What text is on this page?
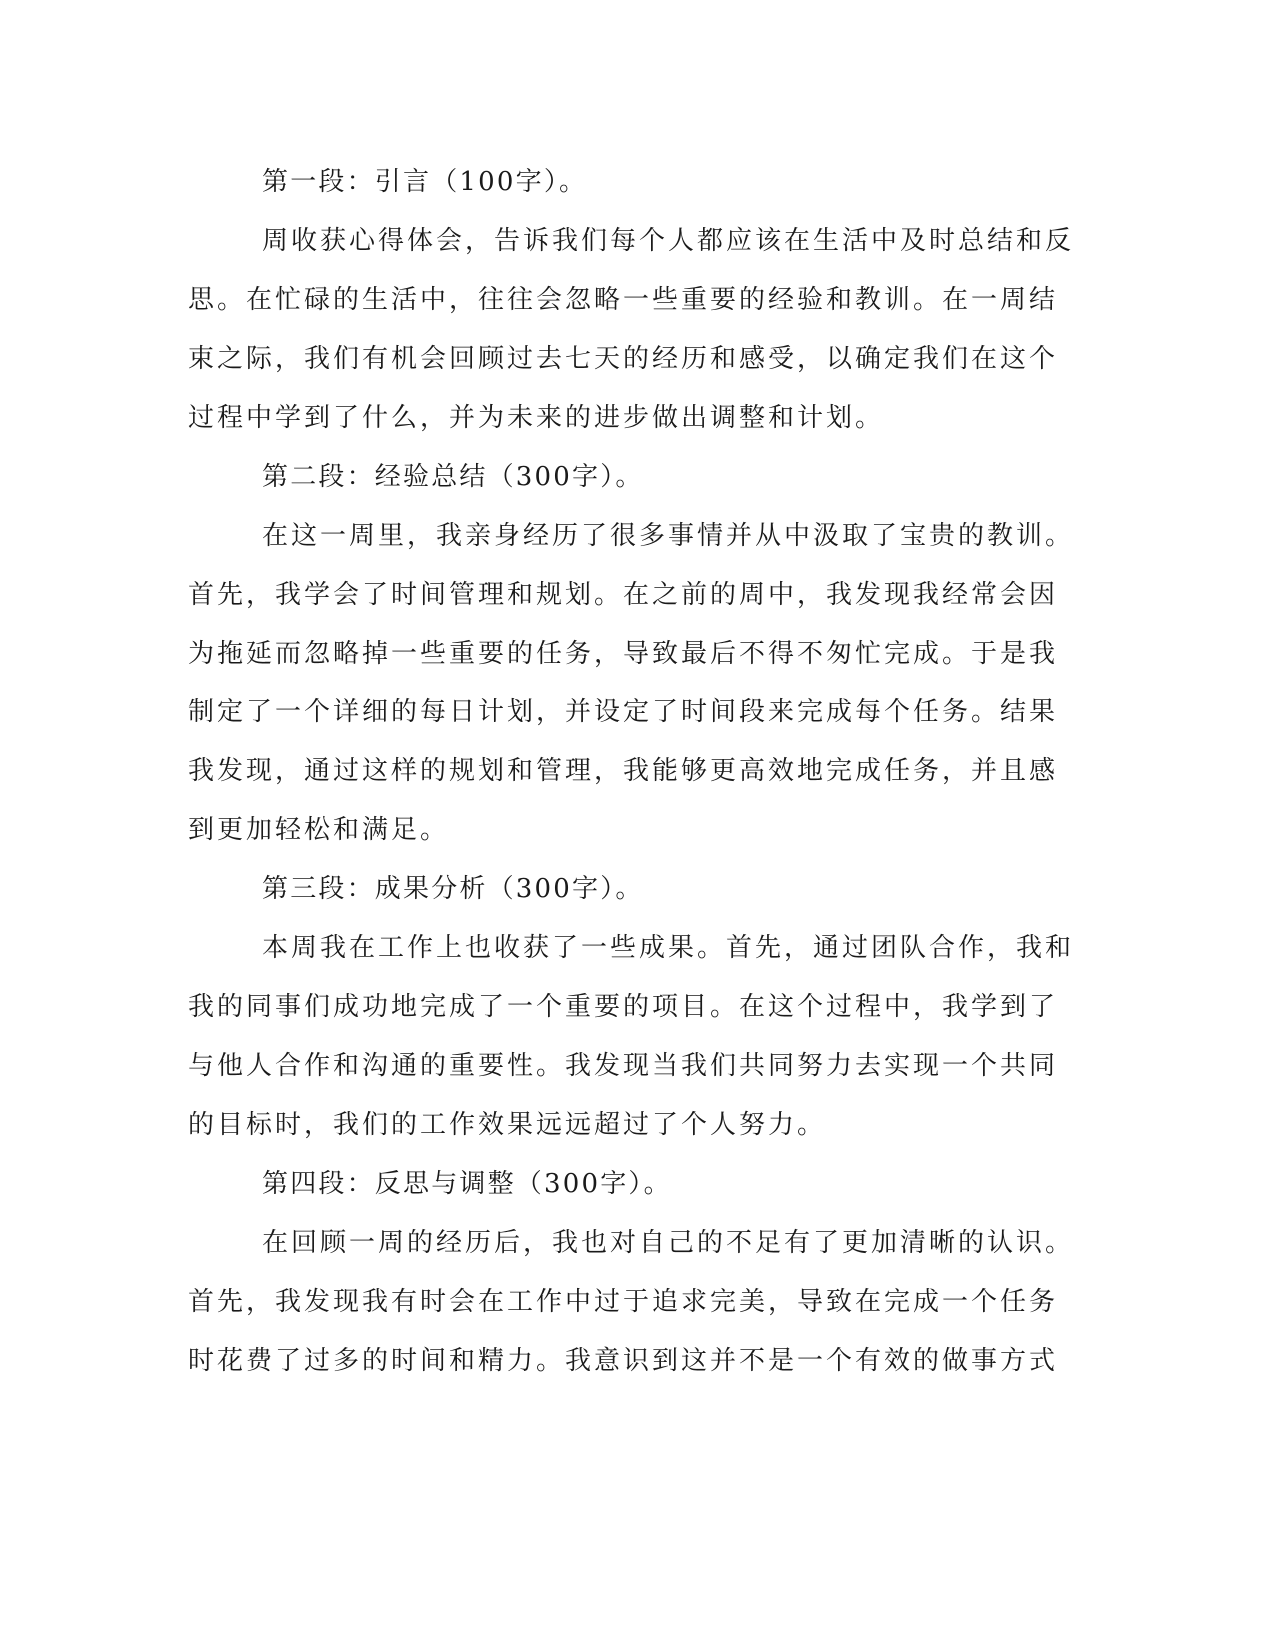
第一段：引言（100字）。
周收获心得体会，告诉我们每个人都应该在生活中及时总结和反
思。在忙碌的生活中，往往会忽略一些重要的经验和教训。在一周结
束之际，我们有机会回顾过去七天的经历和感受，以确定我们在这个
过程中学到了什么，并为未来的进步做出调整和计划。
第二段：经验总结（300字）。
在这一周里，我亲身经历了很多事情并从中汲取了宝贵的教训。
首先，我学会了时间管理和规划。在之前的周中，我发现我经常会因
为拖延而忽略掉一些重要的任务，导致最后不得不匆忙完成。于是我
制定了一个详细的每日计划，并设定了时间段来完成每个任务。结果
我发现，通过这样的规划和管理，我能够更高效地完成任务，并且感
到更加轻松和满足。
第三段：成果分析（300字）。
本周我在工作上也收获了一些成果。首先，通过团队合作，我和
我的同事们成功地完成了一个重要的项目。在这个过程中，我学到了
与他人合作和沟通的重要性。我发现当我们共同努力去实现一个共同
的目标时，我们的工作效果远远超过了个人努力。
第四段：反思与调整（300字）。
在回顾一周的经历后，我也对自己的不足有了更加清晰的认识。
首先，我发现我有时会在工作中过于追求完美，导致在完成一个任务
时花费了过多的时间和精力。我意识到这并不是一个有效的做事方式
